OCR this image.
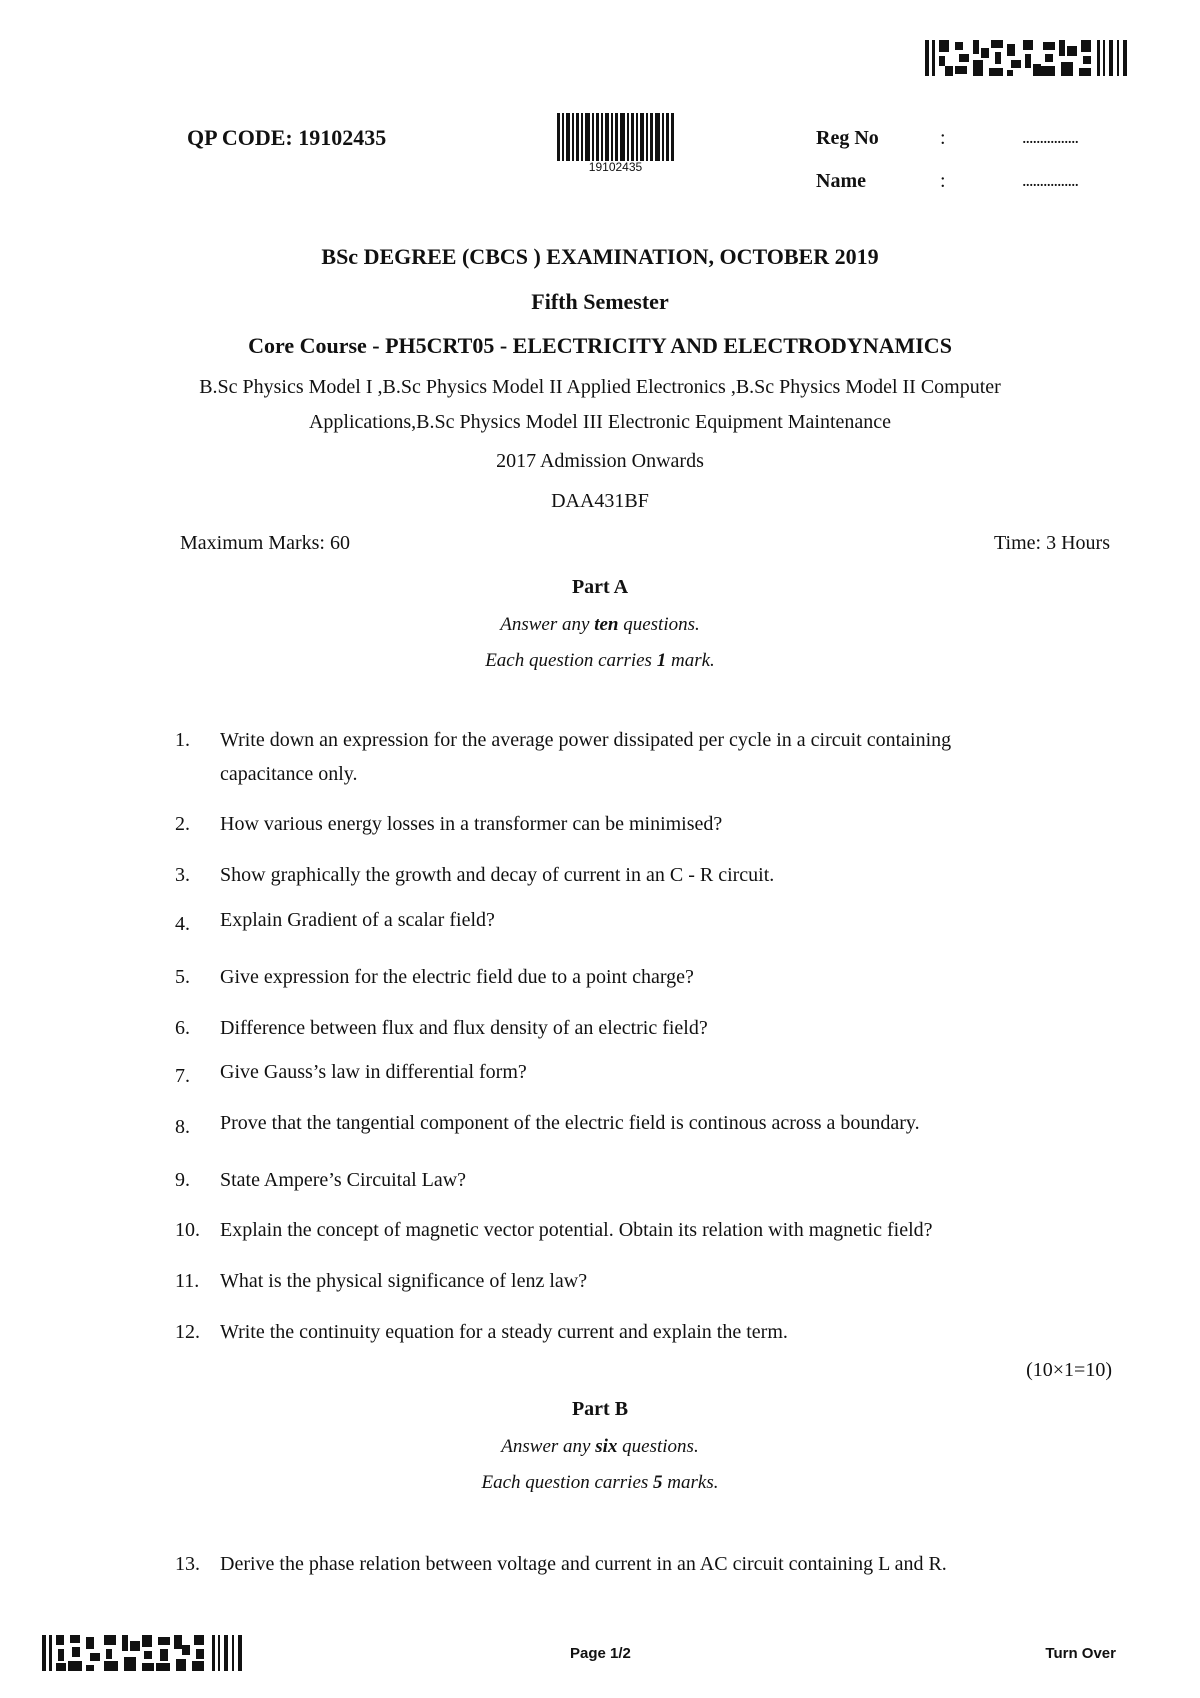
QP CODE: 19102435
19102435
Reg No	:	................
Name	:	................
BSc DEGREE (CBCS ) EXAMINATION, OCTOBER 2019
Fifth Semester
Core Course - PH5CRT05 - ELECTRICITY AND ELECTRODYNAMICS
B.Sc Physics Model I ,B.Sc Physics Model II Applied Electronics ,B.Sc Physics Model II Computer
Applications,B.Sc Physics Model III Electronic Equipment Maintenance
2017 Admission Onwards
DAA431BF
Maximum Marks: 60	Time: 3 Hours
Part A
Answer any ten questions.
Each question carries 1 mark.
1.	Write down an expression for the average power dissipated per cycle in a circuit containing
capacitance only.
2.	How various energy losses in a transformer can be minimised?
3.	Show graphically the growth and decay of current in an C - R circuit.
4.	Explain Gradient of a scalar field?
5.	Give expression for the electric field due to a point charge?
6.	Difference between flux and flux density of an electric field?
7.	Give Gauss’s law in differential form?
8.	Prove that the tangential component of the electric field is continous across a boundary.
9.	State Ampere’s Circuital Law?
10.	Explain the concept of magnetic vector potential. Obtain its relation with magnetic field?
11.	What is the physical significance of lenz law?
12.	Write the continuity equation for a steady current and explain the term.
(10×1=10)
Part B
Answer any six questions.
Each question carries 5 marks.
13.	Derive the phase relation between voltage and current in an AC circuit containing L and R.
Page 1/2	Turn Over
